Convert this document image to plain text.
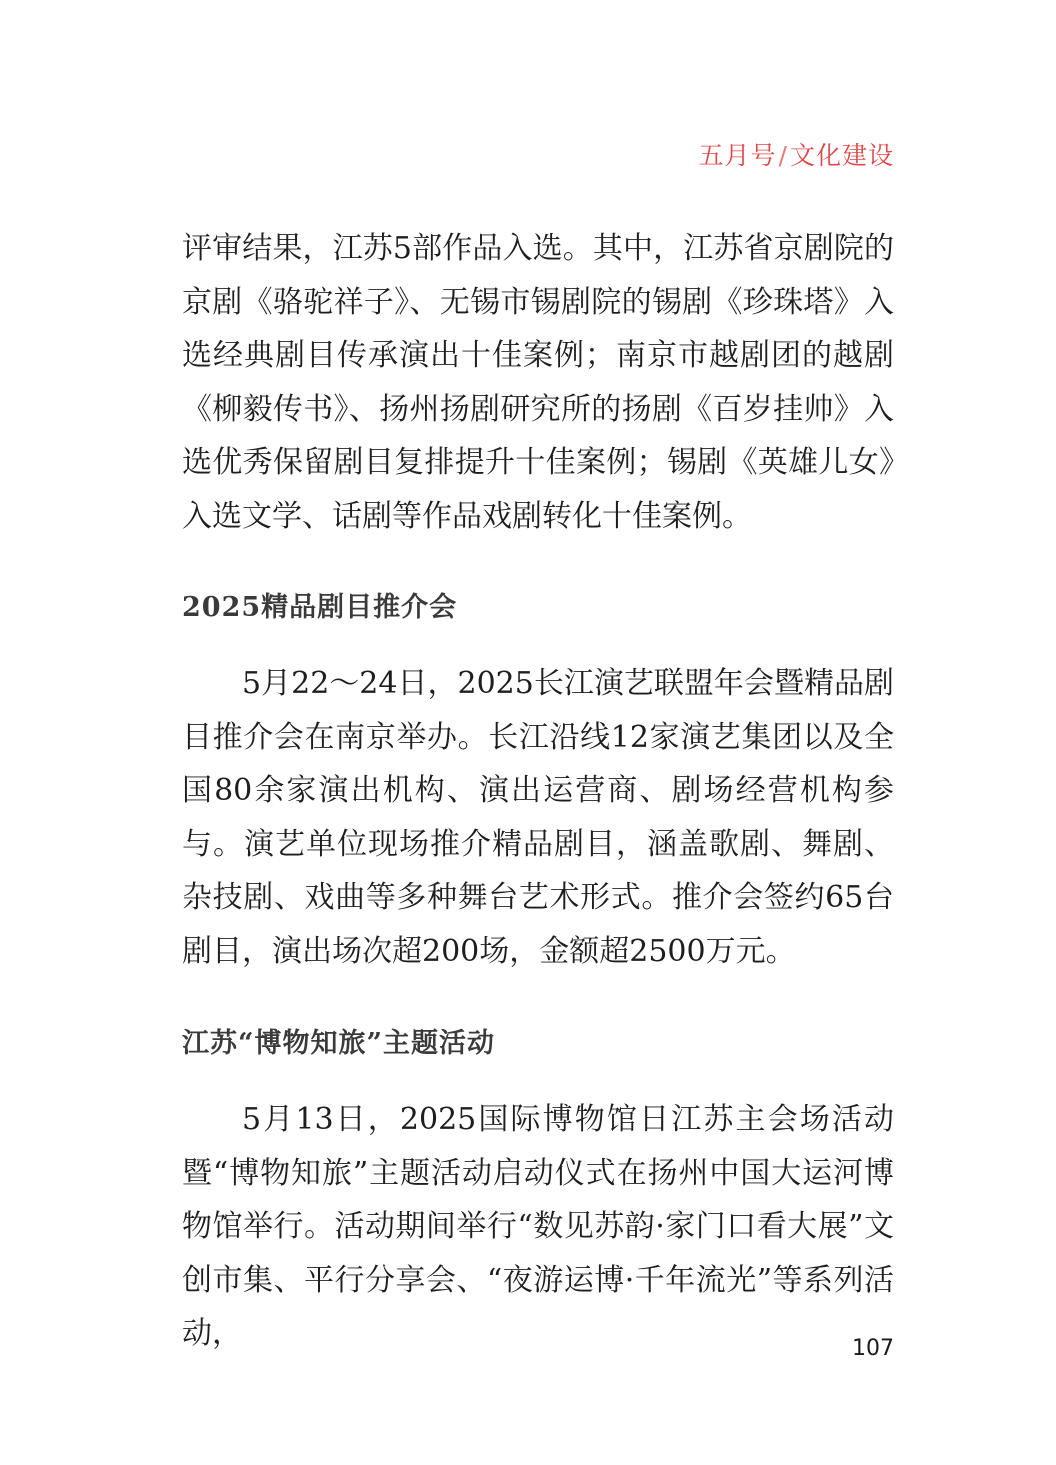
五月号/文化建设

评审结果，江苏5部作品入选。其中，江苏省京剧院的京剧《骆驼祥子》、无锡市锡剧院的锡剧《珍珠塔》入选经典剧目传承演出十佳案例；南京市越剧团的越剧《柳毅传书》、扬州扬剧研究所的扬剧《百岁挂帅》入选优秀保留剧目复排提升十佳案例；锡剧《英雄儿女》入选文学、话剧等作品戏剧转化十佳案例。

2025精品剧目推介会

5月22～24日，2025长江演艺联盟年会暨精品剧目推介会在南京举办。长江沿线12家演艺集团以及全国80余家演出机构、演出运营商、剧场经营机构参与。演艺单位现场推介精品剧目，涵盖歌剧、舞剧、杂技剧、戏曲等多种舞台艺术形式。推介会签约65台剧目，演出场次超200场，金额超2500万元。

江苏“博物知旅”主题活动

5月13日，2025国际博物馆日江苏主会场活动暨“博物知旅”主题活动启动仪式在扬州中国大运河博物馆举行。活动期间举行“数见苏韵·家门口看大展”文创市集、平行分享会、“夜游运博·千年流光”等系列活动，	107
